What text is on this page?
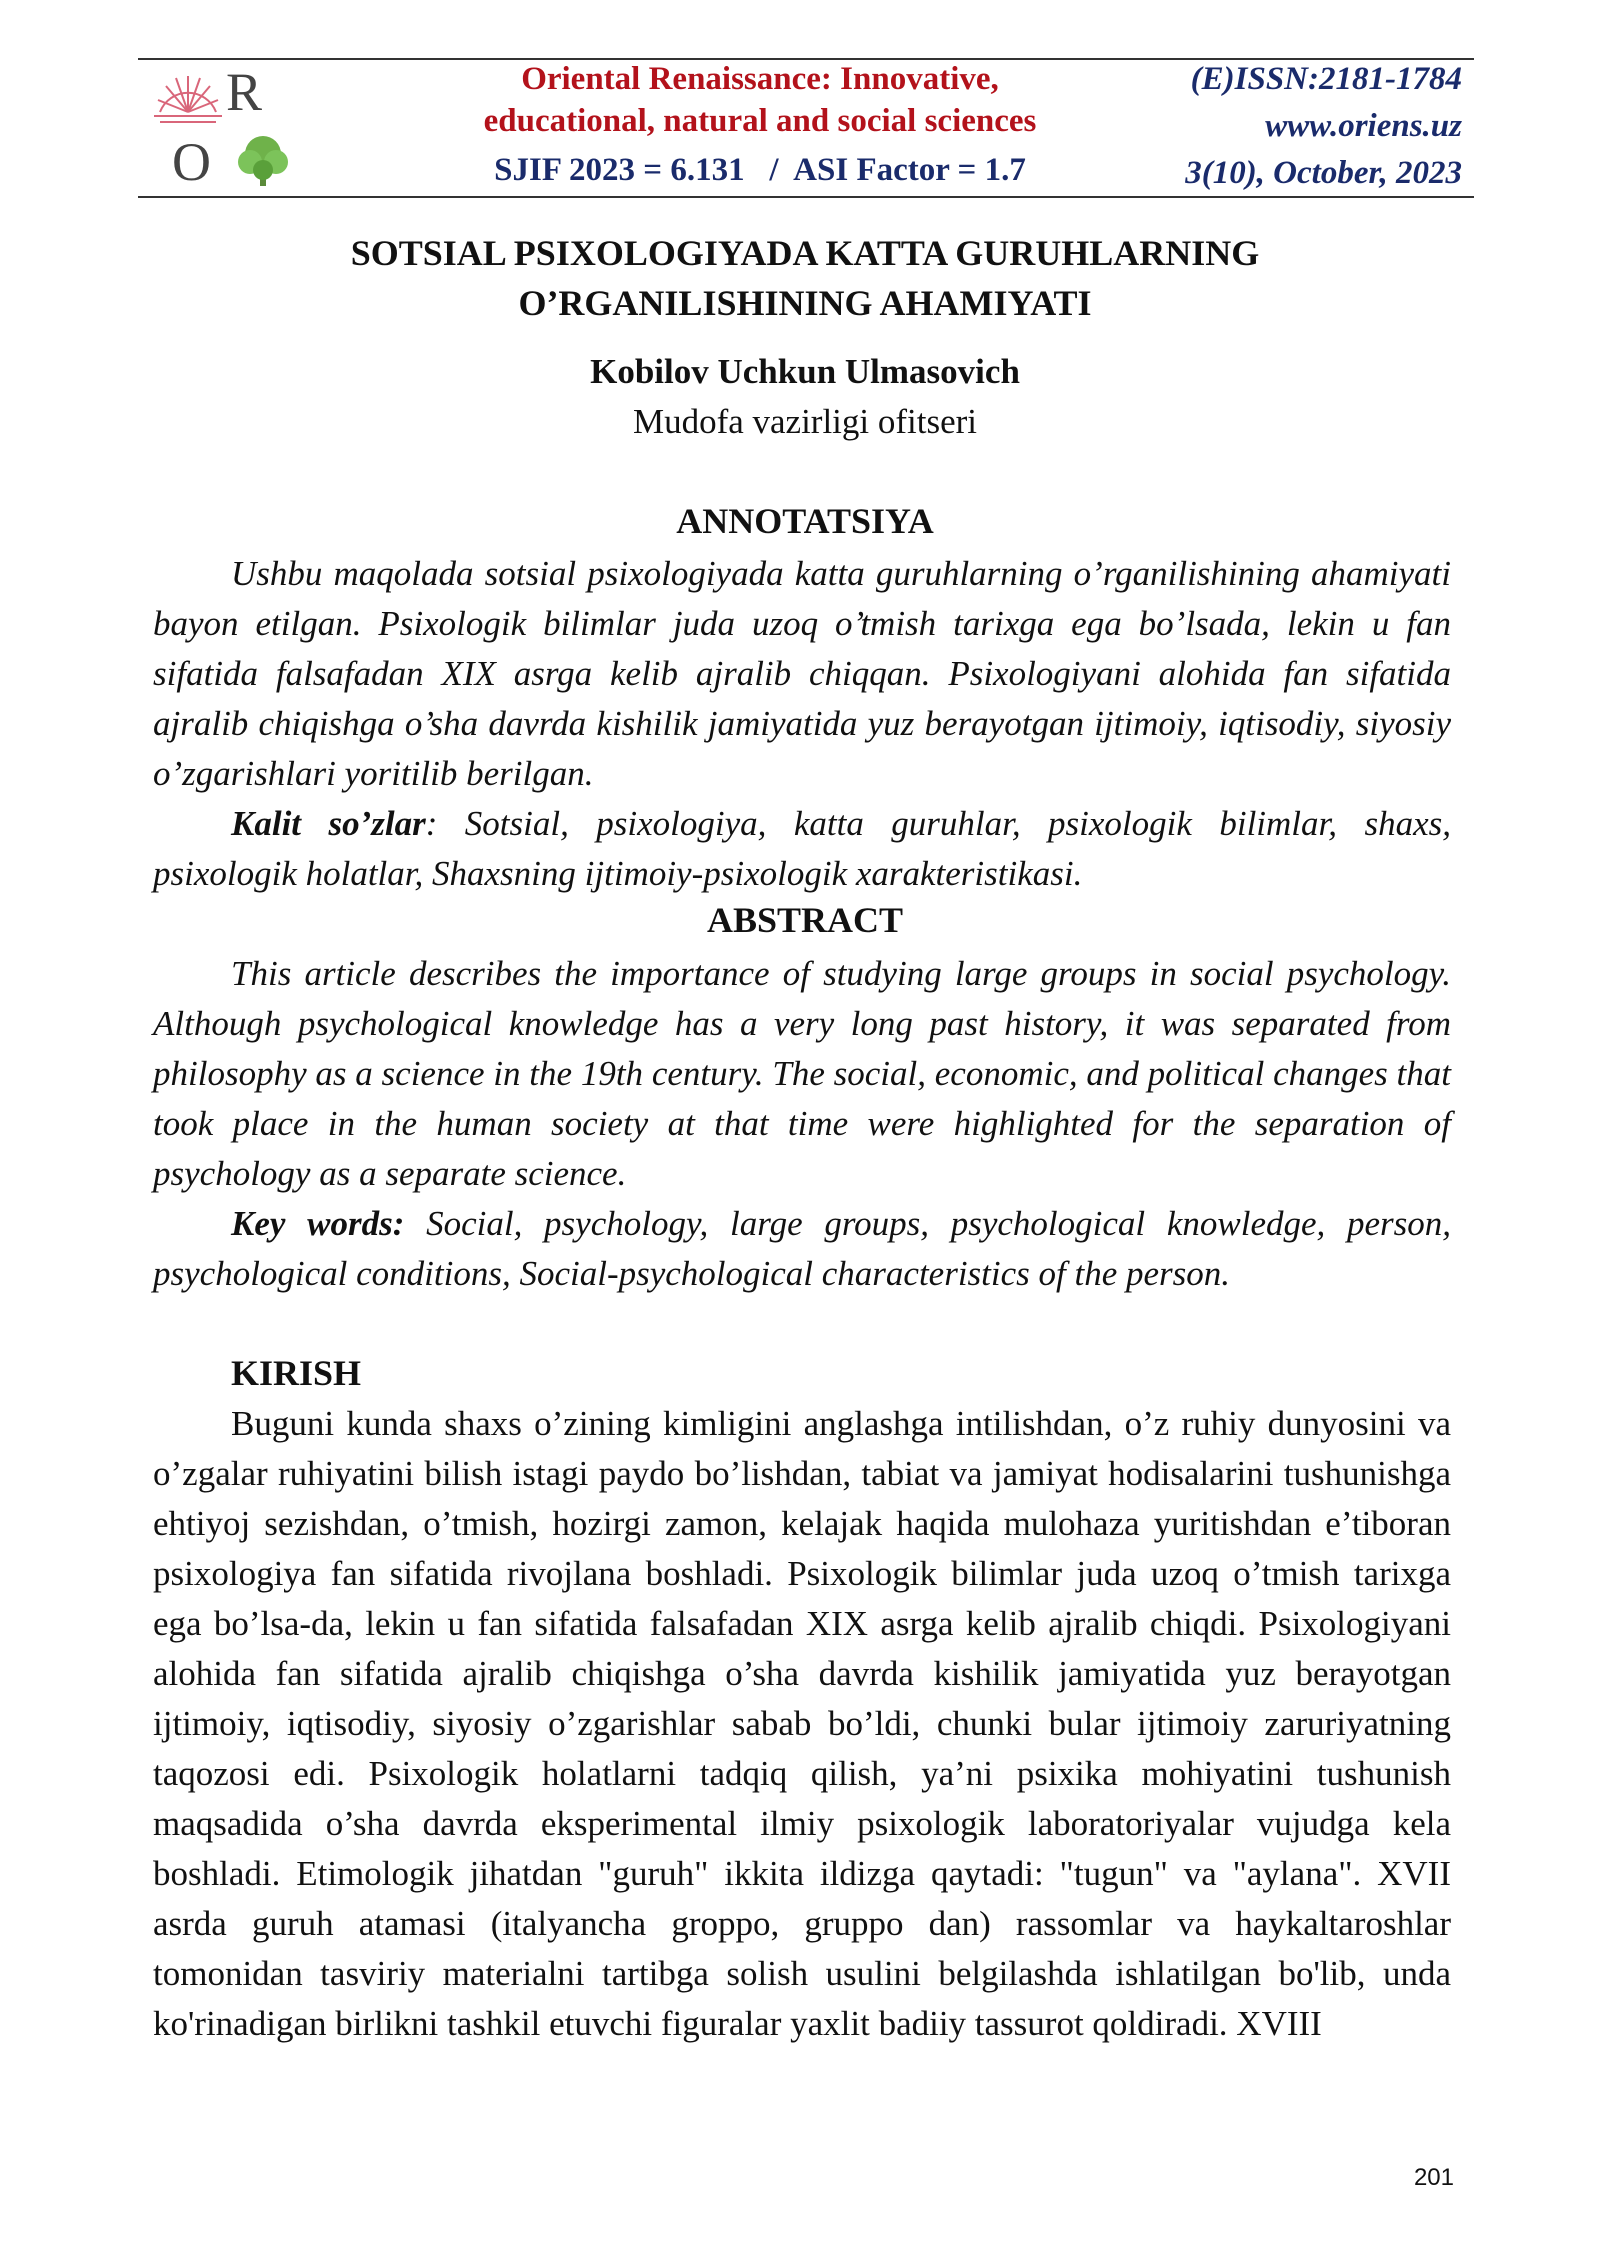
R
O
Oriental Renaissance: Innovative,
educational, natural and social sciences
SJIF 2023 = 6.131   /  ASI Factor = 1.7
(E)ISSN:2181-1784
www.oriens.uz
3(10), October, 2023
SOTSIAL PSIXOLOGIYADA KATTA GURUHLARNING
O’RGANILISHINING AHAMIYATI
Kobilov Uchkun Ulmasovich
Mudofa vazirligi ofitseri
ANNOTATSIYA

Ushbu maqolada sotsial psixologiyada katta guruhlarning o’rganilishining ahamiyati bayon etilgan. Psixologik bilimlar juda uzoq o’tmish tarixga ega bo’lsada, lekin u fan sifatida falsafadan XIX asrga kelib ajralib chiqqan. Psixologiyani alohida fan sifatida ajralib chiqishga o’sha davrda kishilik jamiyatida yuz berayotgan ijtimoiy, iqtisodiy, siyosiy o’zgarishlari yoritilib berilgan.

Kalit so’zlar: Sotsial, psixologiya, katta guruhlar, psixologik bilimlar, shaxs, psixologik holatlar, Shaxsning ijtimoiy-psixologik xarakteristikasi.

ABSTRACT

This article describes the importance of studying large groups in social psychology. Although psychological knowledge has a very long past history, it was separated from philosophy as a science in the 19th century. The social, economic, and political changes that took place in the human society at that time were highlighted for the separation of psychology as a separate science.

Key words: Social, psychology, large groups, psychological knowledge, person, psychological conditions, Social-psychological characteristics of the person.

KIRISH

Buguni kunda shaxs o’zining kimligini anglashga intilishdan, o’z ruhiy dunyosini va o’zgalar ruhiyatini bilish istagi paydo bo’lishdan, tabiat va jamiyat hodisalarini tushunishga ehtiyoj sezishdan, o’tmish, hozirgi zamon, kelajak haqida mulohaza yuritishdan e’tiboran psixologiya fan sifatida rivojlana boshladi. Psixologik bilimlar juda uzoq o’tmish tarixga ega bo’lsa-da, lekin u fan sifatida falsafadan XIX asrga kelib ajralib chiqdi. Psixologiyani alohida fan sifatida ajralib chiqishga o’sha davrda kishilik jamiyatida yuz berayotgan ijtimoiy, iqtisodiy, siyosiy o’zgarishlar sabab bo’ldi, chunki bular ijtimoiy zaruriyatning taqozosi edi. Psixologik holatlarni tadqiq qilish, ya’ni psixika mohiyatini tushunish maqsadida o’sha davrda eksperimental ilmiy psixologik laboratoriyalar vujudga kela boshladi. Etimologik jihatdan "guruh" ikkita ildizga qaytadi: "tugun" va "aylana". XVII asrda guruh atamasi (italyancha groppo, gruppo dan) rassomlar va haykaltaroshlar tomonidan tasviriy materialni tartibga solish usulini belgilashda ishlatilgan bo'lib, unda ko'rinadigan birlikni tashkil etuvchi figuralar yaxlit badiiy tassurot qoldiradi. XVIII

201
